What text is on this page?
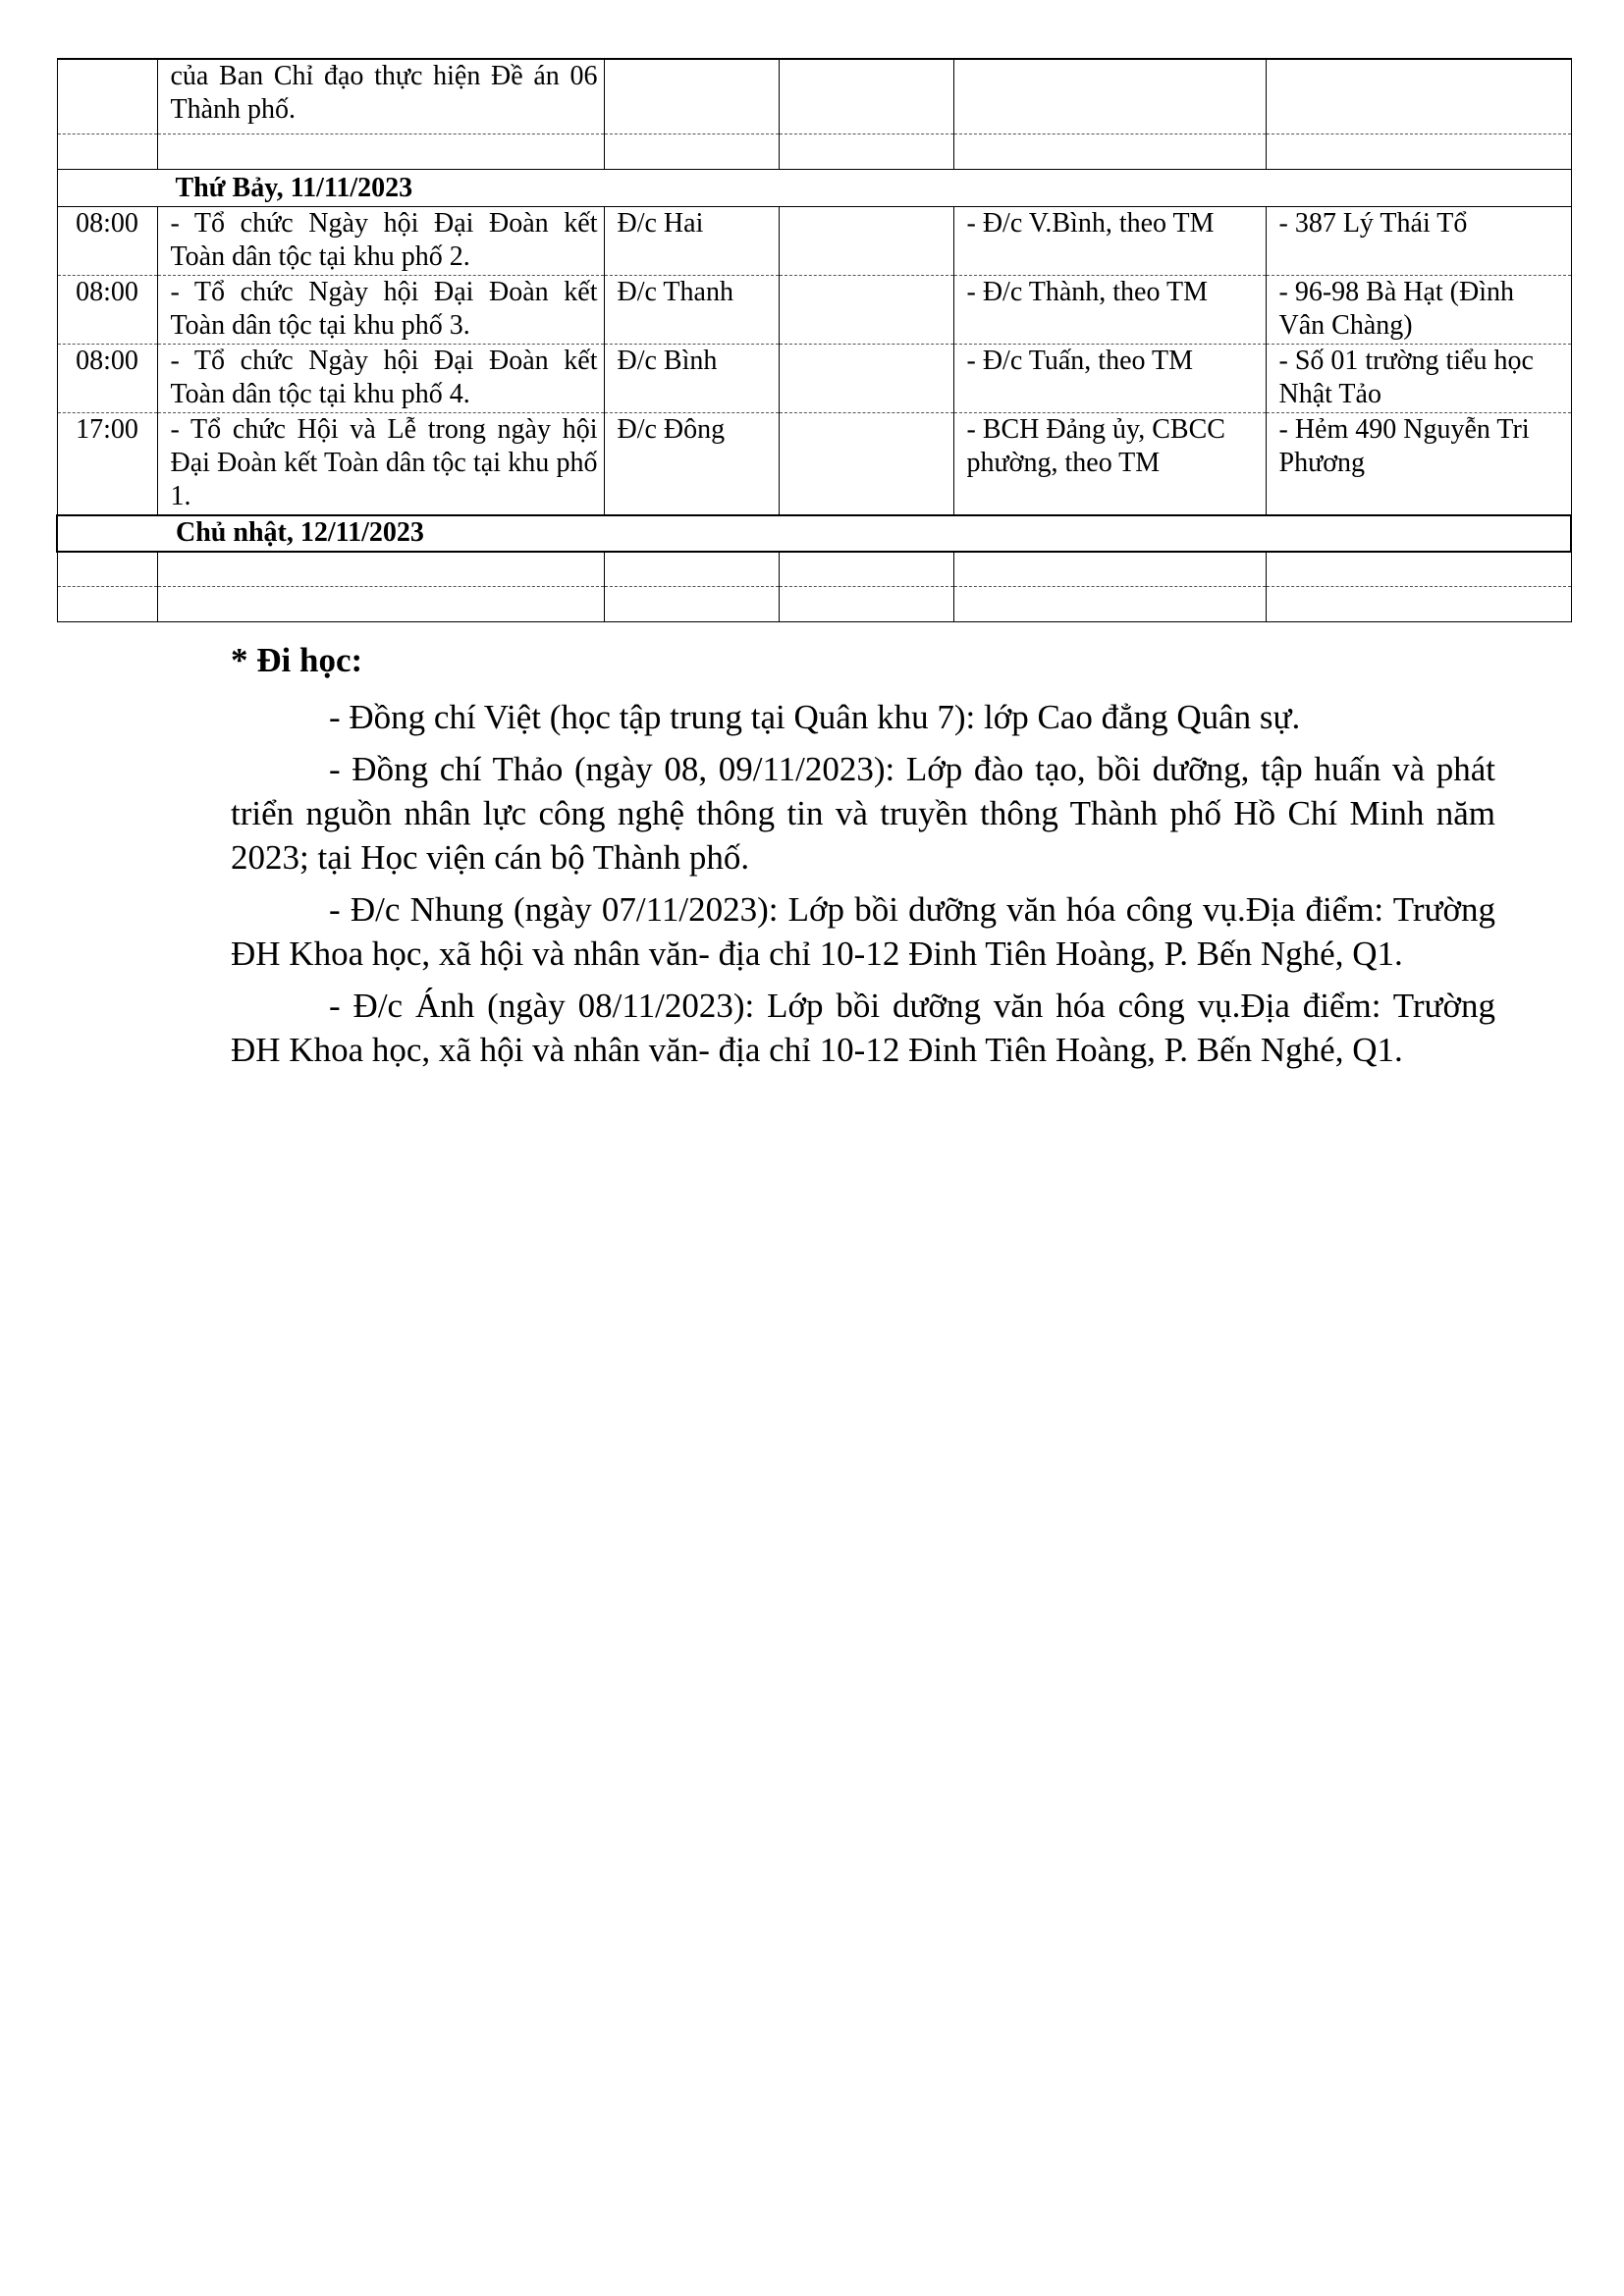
	của Ban Chỉ đạo thực hiện Đề án 06 Thành phố.				

Thứ Bảy, 11/11/2023					
08:00	- Tổ chức Ngày hội Đại Đoàn kết Toàn dân tộc tại khu phố 2.	Đ/c Hai		- Đ/c V.Bình, theo TM	- 387 Lý Thái Tổ
08:00	- Tổ chức Ngày hội Đại Đoàn kết Toàn dân tộc tại khu phố 3.	Đ/c Thanh		- Đ/c Thành, theo TM	- 96-98 Bà Hạt (Đình Vân Chàng)
08:00	- Tổ chức Ngày hội Đại Đoàn kết Toàn dân tộc tại khu phố 4.	Đ/c Bình		- Đ/c Tuấn, theo TM	- Số 01 trường tiểu học Nhật Tảo
17:00	- Tổ chức Hội và Lễ trong ngày hội Đại Đoàn kết Toàn dân tộc tại khu phố 1.	Đ/c Đông		- BCH Đảng ủy, CBCC phường, theo TM	- Hẻm 490 Nguyễn Tri Phương
Chủ nhật, 12/11/2023					

* Đi học:

- Đồng chí Việt (học tập trung tại Quân khu 7): lớp Cao đẳng Quân sự.

- Đồng chí Thảo (ngày 08, 09/11/2023): Lớp đào tạo, bồi dưỡng, tập huấn và phát triển nguồn nhân lực công nghệ thông tin và truyền thông Thành phố Hồ Chí Minh năm 2023; tại Học viện cán bộ Thành phố.

- Đ/c Nhung (ngày 07/11/2023): Lớp bồi dưỡng văn hóa công vụ.Địa điểm: Trường ĐH Khoa học, xã hội và nhân văn- địa chỉ 10-12 Đinh Tiên Hoàng, P. Bến Nghé, Q1.

- Đ/c Ánh (ngày 08/11/2023): Lớp bồi dưỡng văn hóa công vụ.Địa điểm: Trường ĐH Khoa học, xã hội và nhân văn- địa chỉ 10-12 Đinh Tiên Hoàng, P. Bến Nghé, Q1.
